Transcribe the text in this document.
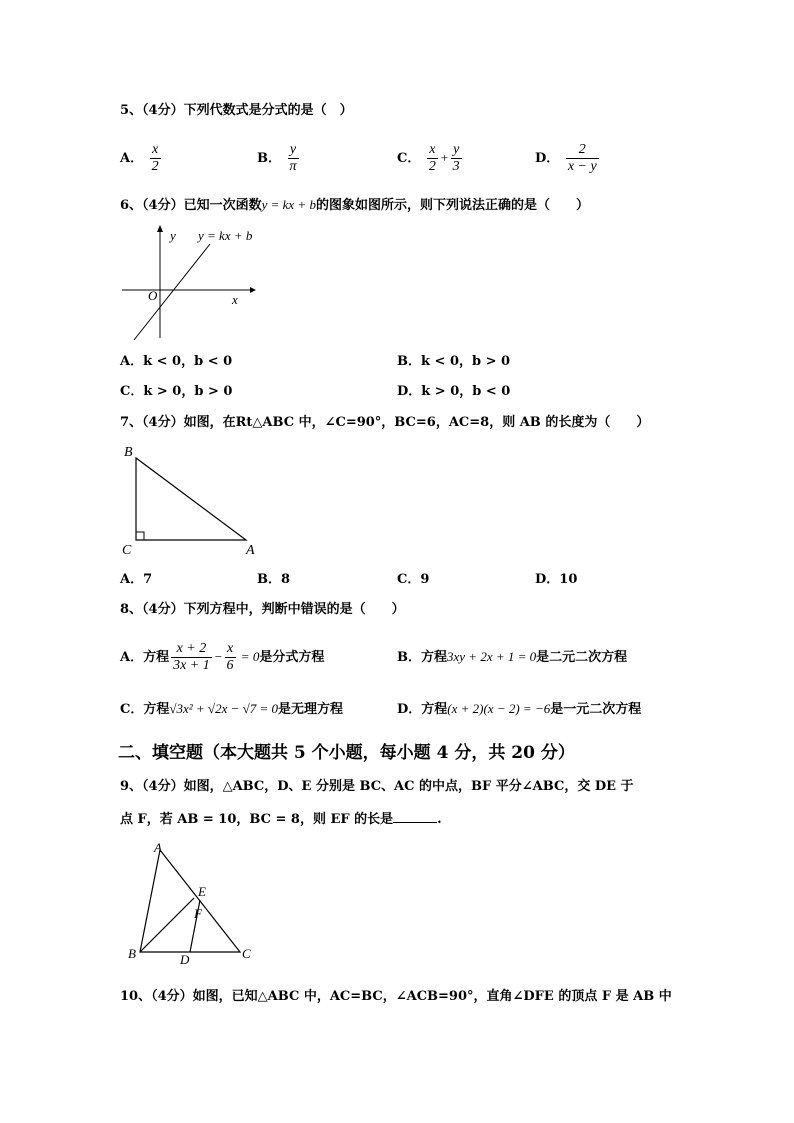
5、（4分）下列代数式是分式的是（　）
A． $\frac{x}{2}$	B． $\frac{y}{\pi}$	C． $\frac{x}{2} + \frac{y}{3}$	D． $\frac{2}{x - y}$
6、（4分）已知一次函数y = kx + b的图象如图所示，则下列说法正确的是（　　）
y y = kx + b
O	x
A．k < 0，b < 0	B．k < 0，b > 0
C．k > 0，b > 0	D．k > 0，b < 0
7、（4分）如图，在Rt△ABC 中，∠C=90°，BC=6，AC=8，则 AB 的长度为（　　）
B
C	A
A．7	B．8	C．9	D．10
8、（4分）下列方程中，判断中错误的是（　　）
A．方程 $\frac{x + 2}{3x + 1} - \frac{x}{6} = 0$是分式方程	B．方程3xy + 2x + 1 = 0是二元二次方程
C．方程√3x² + √2x − √7 = 0是无理方程	D．方程(x + 2)(x − 2) = −6是一元二次方程
二、填空题（本大题共 5 个小题，每小题 4 分，共 20 分）
9、（4分）如图，△ABC，D、E 分别是 BC、AC 的中点，BF 平分∠ABC，交 DE 于
点 F，若 AB = 10，BC = 8，则 EF 的长是	.
A
E
F
B	D	C
10、（4分）如图，已知△ABC 中，AC=BC，∠ACB=90°，直角∠DFE 的顶点 F 是 AB 中
